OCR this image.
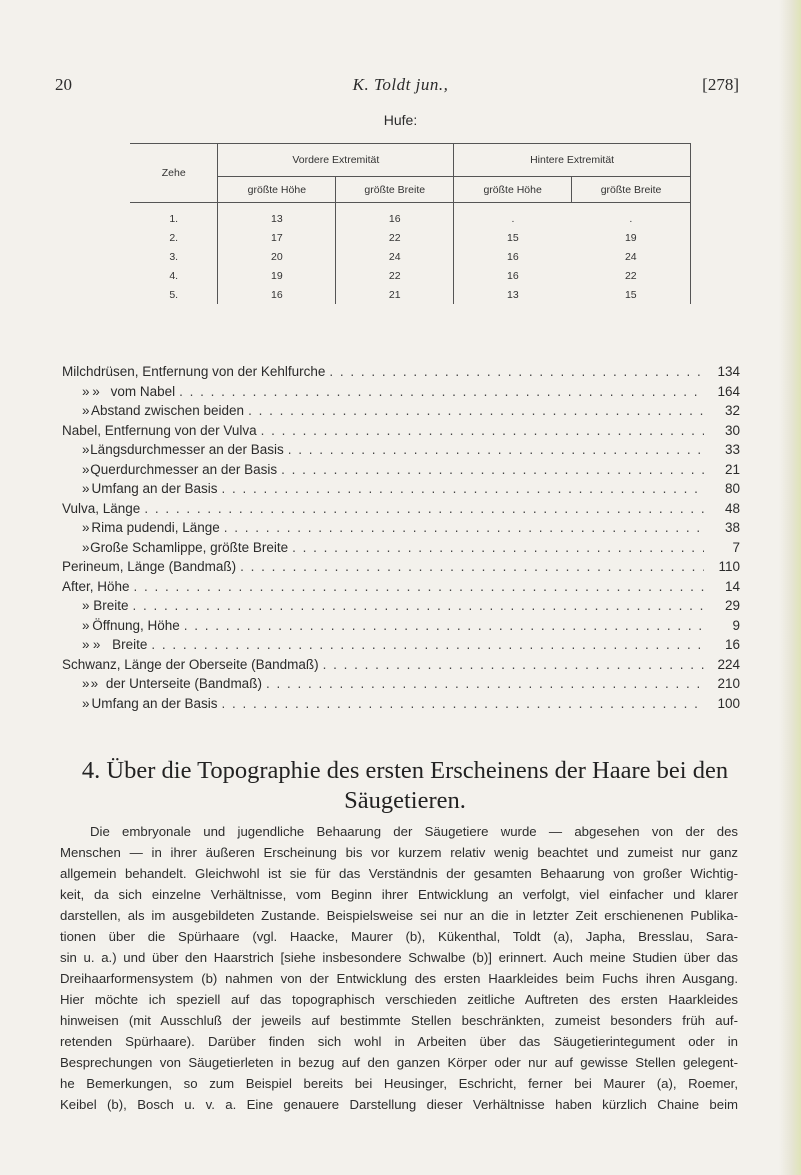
20	K. Toldt jun.,	[278]
Hufe:
Zehe	Vordere Extremität		Hintere Extremität	
	größte Höhe	größte Breite	größte Höhe	größte Breite
1.	13	16	.	.
2.	17	22	15	19
3.	20	24	16	24
4.	19	22	16	22
5.	16	21	13	15
Milchdrüsen, Entfernung von der Kehlfurche . . .	134
» » vom Nabel . . .	164
» Abstand zwischen beiden . . .	32
Nabel, Entfernung von der Vulva . . .	30
» Längsdurchmesser an der Basis . . .	33
» Querdurchmesser an der Basis . . .	21
» Umfang an der Basis . . .	80
Vulva, Länge . . .	48
» Rima pudendi, Länge . . .	38
» Große Schamlippe, größte Breite . . .	7
Perineum, Länge (Bandmaß) . . .	110
After, Höhe . . .	14
» Breite . . .	29
» Öffnung, Höhe . . .	9
» » Breite . . .	16
Schwanz, Länge der Oberseite (Bandmaß) . . .	224
» » der Unterseite (Bandmaß) . . .	210
» Umfang an der Basis . . .	100
4. Über die Topographie des ersten Erscheinens der Haare bei den
Säugetieren.
Die embryonale und jugendliche Behaarung der Säugetiere wurde — abgesehen von der des
Menschen — in ihrer äußeren Erscheinung bis vor kurzem relativ wenig beachtet und zumeist nur ganz
allgemein behandelt. Gleichwohl ist sie für das Verständnis der gesamten Behaarung von großer Wichtig-
keit, da sich einzelne Verhältnisse, vom Beginn ihrer Entwicklung an verfolgt, viel einfacher und klarer
darstellen, als im ausgebildeten Zustande. Beispielsweise sei nur an die in letzter Zeit erschienenen Publika-
tionen über die Spürhaare (vgl. Haacke, Maurer (b), Kükenthal, Toldt (a), Japha, Bresslau, Sara-
sin u. a.) und über den Haarstrich [siehe insbesondere Schwalbe (b)] erinnert. Auch meine Studien über das
Dreihaarformensystem (b) nahmen von der Entwicklung des ersten Haarkleides beim Fuchs ihren Ausgang.
Hier möchte ich speziell auf das topographisch verschieden zeitliche Auftreten des ersten Haarkleides
hinweisen (mit Ausschluß der jeweils auf bestimmte Stellen beschränkten, zumeist besonders früh auf-
retenden Spürhaare). Darüber finden sich wohl in Arbeiten über das Säugetierintegument oder in
Besprechungen von Säugetierleten in bezug auf den ganzen Körper oder nur auf gewisse Stellen gelegent-
he Bemerkungen, so zum Beispiel bereits bei Heusinger, Eschricht, ferner bei Maurer (a), Roemer,
Keibel (b), Bosch u. v. a. Eine genauere Darstellung dieser Verhältnisse haben kürzlich Chaine beim
